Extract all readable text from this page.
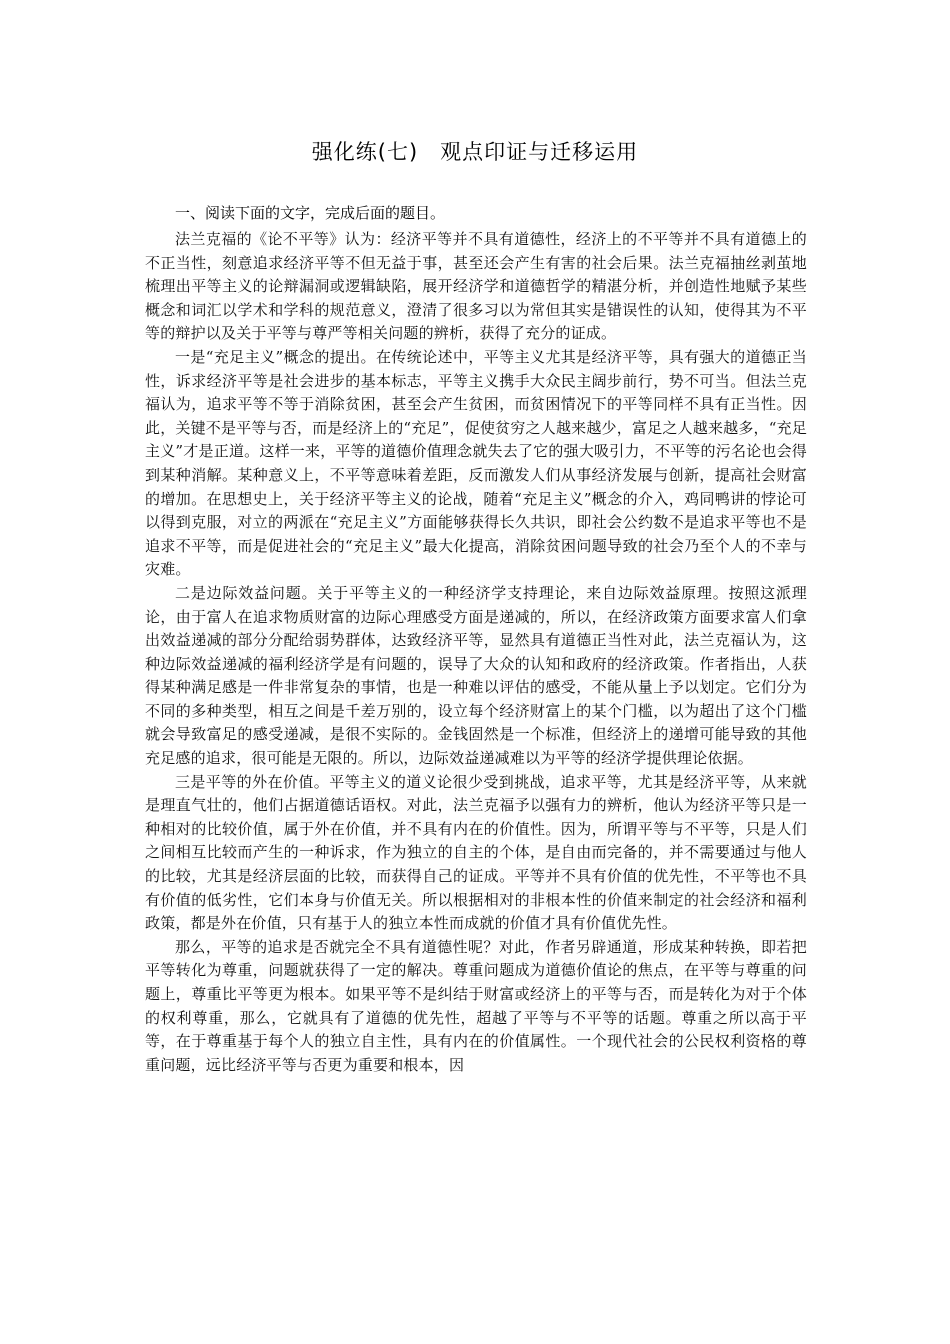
强化练(七)　观点印证与迁移运用
一、阅读下面的文字，完成后面的题目。

法兰克福的《论不平等》认为：经济平等并不具有道德性，经济上的不平等并不具有道德上的不正当性，刻意追求经济平等不但无益于事，甚至还会产生有害的社会后果。法兰克福抽丝剥茧地梳理出平等主义的论辩漏洞或逻辑缺陷，展开经济学和道德哲学的精湛分析，并创造性地赋予某些概念和词汇以学术和学科的规范意义，澄清了很多习以为常但其实是错误性的认知，使得其为不平等的辩护以及关于平等与尊严等相关问题的辨析，获得了充分的证成。

一是“充足主义”概念的提出。在传统论述中，平等主义尤其是经济平等，具有强大的道德正当性，诉求经济平等是社会进步的基本标志，平等主义携手大众民主阔步前行，势不可当。但法兰克福认为，追求平等不等于消除贫困，甚至会产生贫困，而贫困情况下的平等同样不具有正当性。因此，关键不是平等与否，而是经济上的“充足”，促使贫穷之人越来越少，富足之人越来越多，“充足主义”才是正道。这样一来，平等的道德价值理念就失去了它的强大吸引力，不平等的污名论也会得到某种消解。某种意义上，不平等意味着差距，反而激发人们从事经济发展与创新，提高社会财富的增加。在思想史上，关于经济平等主义的论战，随着“充足主义”概念的介入，鸡同鸭讲的悖论可以得到克服，对立的两派在“充足主义”方面能够获得长久共识，即社会公约数不是追求平等也不是追求不平等，而是促进社会的“充足主义”最大化提高，消除贫困问题导致的社会乃至个人的不幸与灾难。

二是边际效益问题。关于平等主义的一种经济学支持理论，来自边际效益原理。按照这派理论，由于富人在追求物质财富的边际心理感受方面是递减的，所以，在经济政策方面要求富人们拿出效益递减的部分分配给弱势群体，达致经济平等，显然具有道德正当性对此，法兰克福认为，这种边际效益递减的福利经济学是有问题的，误导了大众的认知和政府的经济政策。作者指出，人获得某种满足感是一件非常复杂的事情，也是一种难以评估的感受，不能从量上予以划定。它们分为不同的多种类型，相互之间是千差万别的，设立每个经济财富上的某个门槛，以为超出了这个门槛就会导致富足的感受递减，是很不实际的。金钱固然是一个标准，但经济上的递增可能导致的其他充足感的追求，很可能是无限的。所以，边际效益递减难以为平等的经济学提供理论依据。

三是平等的外在价值。平等主义的道义论很少受到挑战，追求平等，尤其是经济平等，从来就是理直气壮的，他们占据道德话语权。对此，法兰克福予以强有力的辨析，他认为经济平等只是一种相对的比较价值，属于外在价值，并不具有内在的价值性。因为，所谓平等与不平等，只是人们之间相互比较而产生的一种诉求，作为独立的自主的个体，是自由而完备的，并不需要通过与他人的比较，尤其是经济层面的比较，而获得自己的证成。平等并不具有价值的优先性，不平等也不具有价值的低劣性，它们本身与价值无关。所以根据相对的非根本性的价值来制定的社会经济和福利政策，都是外在价值，只有基于人的独立本性而成就的价值才具有价值优先性。

那么，平等的追求是否就完全不具有道德性呢？对此，作者另辟通道，形成某种转换，即若把平等转化为尊重，问题就获得了一定的解决。尊重问题成为道德价值论的焦点，在平等与尊重的问题上，尊重比平等更为根本。如果平等不是纠结于财富或经济上的平等与否，而是转化为对于个体的权利尊重，那么，它就具有了道德的优先性，超越了平等与不平等的话题。尊重之所以高于平等，在于尊重基于每个人的独立自主性，具有内在的价值属性。一个现代社会的公民权利资格的尊重问题，远比经济平等与否更为重要和根本，因
